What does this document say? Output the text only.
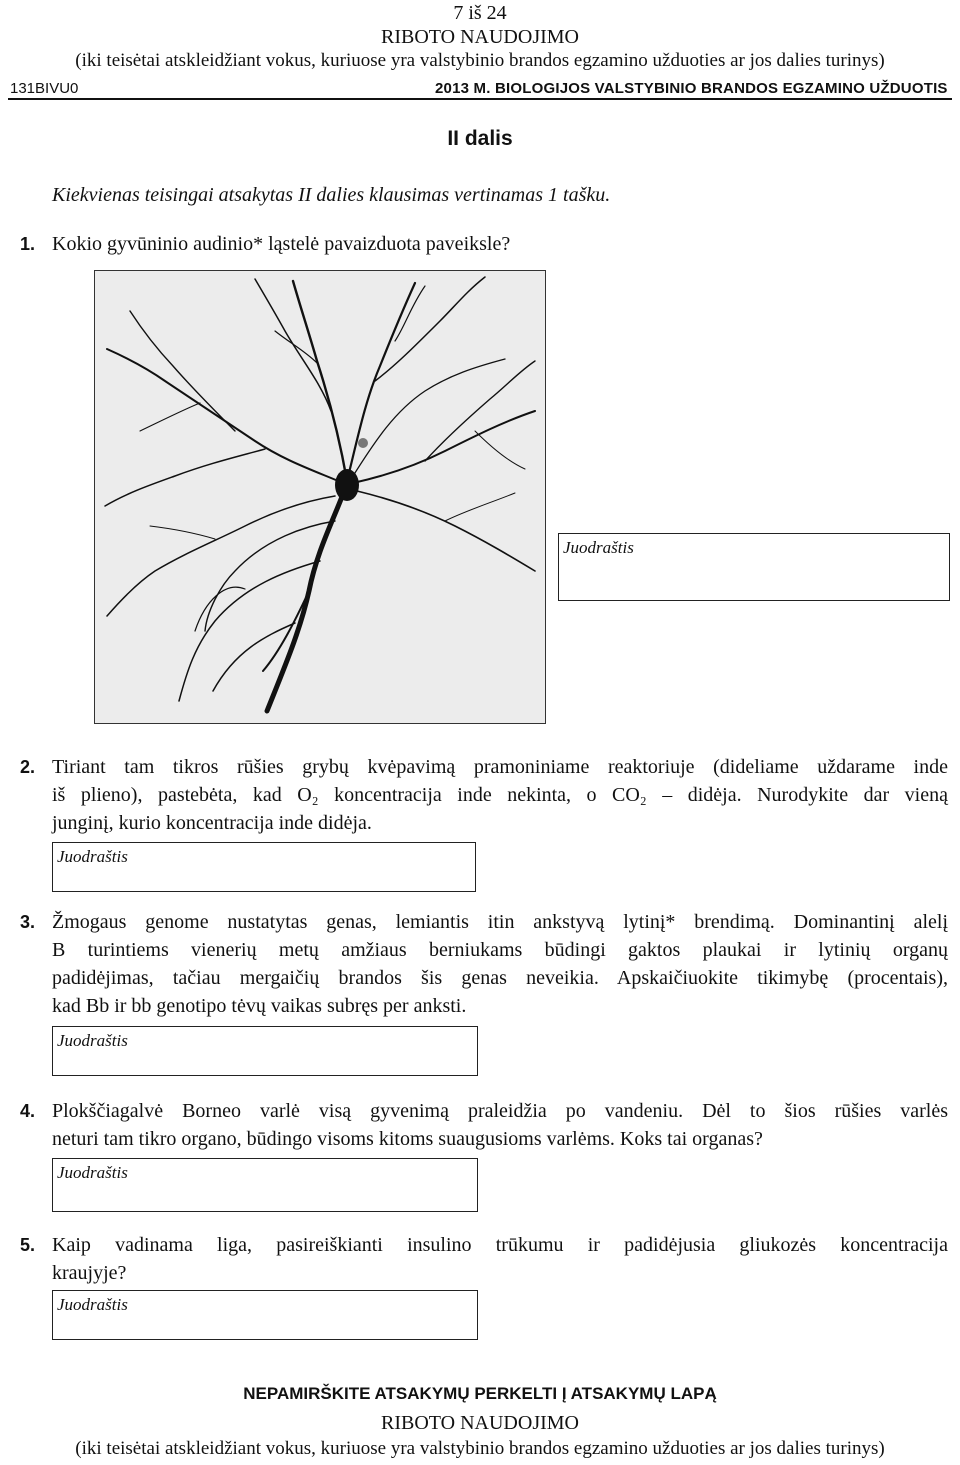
7 iš 24
RIBOTO NAUDOJIMO
(iki teisėtai atskleidžiant vokus, kuriuose yra valstybinio brandos egzamino užduoties ar jos dalies turinys)
131BIVU0	2013 M. BIOLOGIJOS VALSTYBINIO BRANDOS EGZAMINO UŽDUOTIS
II dalis
Kiekvienas teisingai atsakytas II dalies klausimas vertinamas 1 tašku.
1. Kokio gyvūninio audinio* ląstelė pavaizduota paveiksle?
Juodraštis
2. Tiriant tam tikros rūšies grybų kvėpavimą pramoniniame reaktoriuje (dideliame uždarame inde
iš plieno), pastebėta, kad O₂ koncentracija inde nekinta, o CO₂ – didėja. Nurodykite dar vieną
junginį, kurio koncentracija inde didėja.
Juodraštis
3. Žmogaus genome nustatytas genas, lemiantis itin ankstyvą lytinį* brendimą. Dominantinį alelį
B turintiems vienerių metų amžiaus berniukams būdingi gaktos plaukai ir lytinių organų
padidėjimas, tačiau mergaičių brandos šis genas neveikia. Apskaičiuokite tikimybę (procentais),
kad Bb ir bb genotipo tėvų vaikas subręs per anksti.
Juodraštis
4. Plokščiagalvė Borneo varlė visą gyvenimą praleidžia po vandeniu. Dėl to šios rūšies varlės
neturi tam tikro organo, būdingo visoms kitoms suaugusioms varlėms. Koks tai organas?
Juodraštis
5. Kaip vadinama liga, pasireiškianti insulino trūkumu ir padidėjusia gliukozės koncentracija
kraujyje?
Juodraštis
NEPAMIRŠKITE ATSAKYMŲ PERKELTI Į ATSAKYMŲ LAPĄ
RIBOTO NAUDOJIMO
(iki teisėtai atskleidžiant vokus, kuriuose yra valstybinio brandos egzamino užduoties ar jos dalies turinys)
